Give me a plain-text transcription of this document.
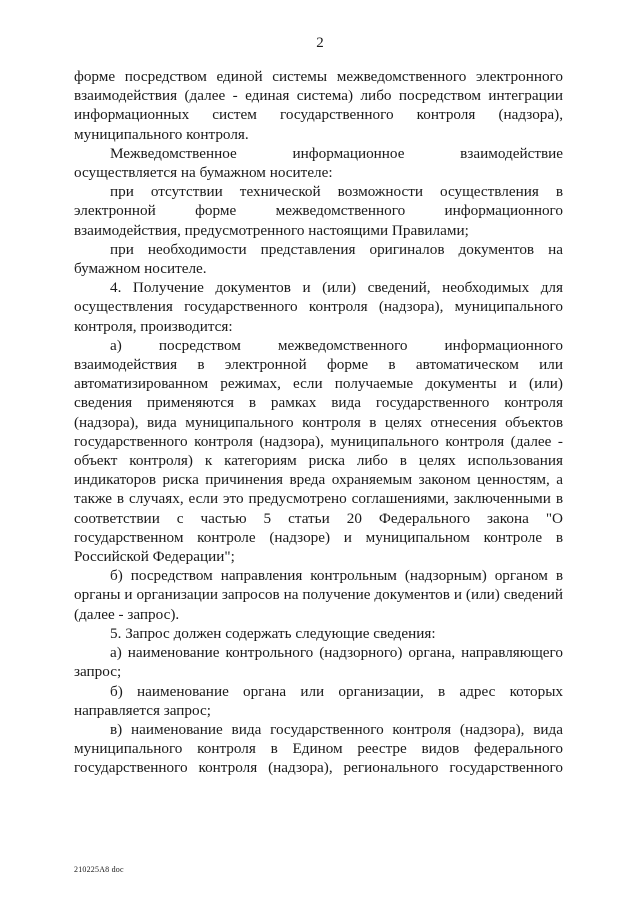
2

форме посредством единой системы межведомственного электронного взаимодействия (далее - единая система) либо посредством интеграции информационных систем государственного контроля (надзора), муниципального контроля.

Межведомственное информационное взаимодействие осуществляется на бумажном носителе:

при отсутствии технической возможности осуществления в электронной форме межведомственного информационного взаимодействия, предусмотренного настоящими Правилами;

при необходимости представления оригиналов документов на бумажном носителе.

4. Получение документов и (или) сведений, необходимых для осуществления государственного контроля (надзора), муниципального контроля, производится:

а) посредством межведомственного информационного взаимодействия в электронной форме в автоматическом или автоматизированном режимах, если получаемые документы и (или) сведения применяются в рамках вида государственного контроля (надзора), вида муниципального контроля в целях отнесения объектов государственного контроля (надзора), муниципального контроля (далее - объект контроля) к категориям риска либо в целях использования индикаторов риска причинения вреда охраняемым законом ценностям, а также в случаях, если это предусмотрено соглашениями, заключенными в соответствии с частью 5 статьи 20 Федерального закона "О государственном контроле (надзоре) и муниципальном контроле в Российской Федерации";

б) посредством направления контрольным (надзорным) органом в органы и организации запросов на получение документов и (или) сведений (далее - запрос).

5. Запрос должен содержать следующие сведения:

а) наименование контрольного (надзорного) органа, направляющего запрос;

б) наименование органа или организации, в адрес которых направляется запрос;

в) наименование вида государственного контроля (надзора), вида муниципального контроля в Едином реестре видов федерального государственного контроля (надзора), регионального государственного

210225А8 doc
